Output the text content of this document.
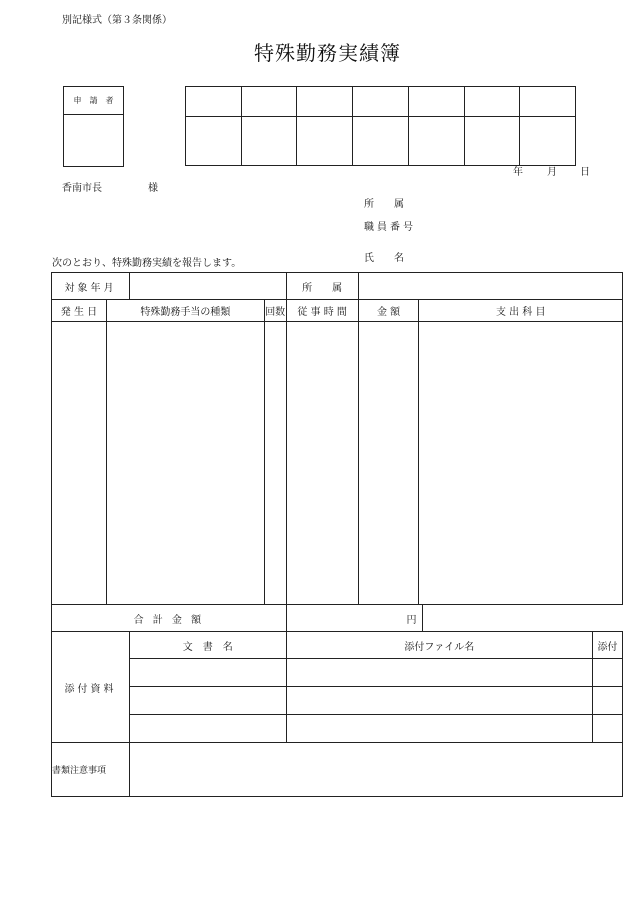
別記様式（第３条関係）
特殊勤務実績簿
申　請　者

年 月 日
香南市長	様
所　　属
職員番号
氏　　名
次のとおり、特殊勤務実績を報告します。
対象年月				所　　属				
発 生 日	特殊勤務手当の種類		回数	従 事 時 間	金 額	支 出 科 目		

合 計 金 額				円				
添付資料		文　書　名		添付ファイル名				添付

書類注意事項								
